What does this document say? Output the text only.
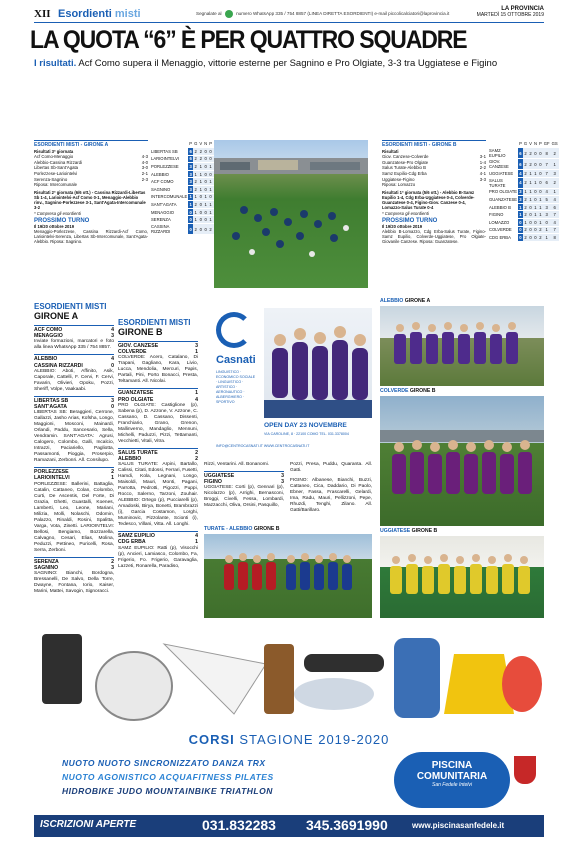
XII Esordienti misti	Segnalate al	numero WhatsApp 335 / 754 8857 (LINEA DIRETTA ESORDIENTI) e-mail piccolicalciatori@laprovincia.it
LA PROVINCIA
MARTEDÌ 15 OTTOBRE 2019
LA QUOTA “6” È PER QUATTRO SQUADRE
I risultati. Acf Como supera il Menaggio, vittorie esterne per Sagnino e Pro Olgiate, 3-3 tra Uggiatese e Figino
ESORDIENTI MISTI - GIRONE A
Risultati 3ª giornata
Acf Como-Menaggio	4-3
Alebbio-Cassina Rizzardi	4-0
Libertas Sb-Sant'Agata	3-0
Porlezzese-Lariointelvi	2-1
Serenza-Sagnino	2-3
Riposa: Intercomunale
Risultati 2ª giornata (6/6 ott.) - Cassina Rizzardi-Libertas Sb 1-4, Lariointelvi-Acf Como 0-1, Menaggio-Alebbio rinv., Sagnino-Porlezzese 3-1, Sant'Agata-Intercomunale 3-2
* Compresa gli esordienti
PROSSIMO TURNO
Il 19/20 ottobre 2019
Menaggio-Porlezzese, Cassina Rizzardi-Acf Como, Lariointelvi-Serenza, Libertas Sb-Intercomunale, Sant'Agata-Alebbio. Riposa: Sagnino.
	P	G	V	N	P		
LIBERTAS SB	6	2	2	0	0		
LARIOINTELVI	6	2	2	0	0		
PORLEZZESE	3	2	1	0	1		
ALEBBIO	3	1	1	0	0		
ACF COMO	3	2	1	0	1		
SAGNINO	3	2	1	0	1		
INTERCOMUNALE	1	1	0	1	0		
SANT'AGATA	1	2	0	1	1		
MENAGGIO	0	1	0	0	1		
SERENZA	0	1	0	0	1		
CASSINA RIZZARDI	0	2	0	0	2		
ESORDIENTI MISTI - GIRONE B
Risultati
Giov. Canzese-Colverde	3-1
Guanzatese-Pro Olgiate	1-4
Salus Turate-Alebbio B	2-2
Samz Eupilio-Cdg Erba	4-1
Uggiatese-Figino	3-3
Riposa: Lomazzo
Risultati 1ª giornata (5/6 ott.) - Alebbio B-Samz Eupilio 1-4, Cdg Erba-Uggiatese 0-4, Colverde-Guanzatese 0-4, Figino-Giov. Canzese 0-4, Lomazzo-Salus Turate 0-4
* Compreso gli esordienti
PROSSIMO TURNO
Il 19/20 ottobre 2019
Alebbio B-Lomazzo, Cdg Erba-Salus Turate, Figino-Samz Eupilio, Colverde-Uggiatese, Pro Olgiate-Giovanile Canzese. Riposa: Guanzatese.
	P	G	V	N	P	GF	GS
SAMZ EUPILIO	6	2	2	0	0	8	2
GIOV. CANZESE	6	2	2	0	0	7	1
UGGIATESE	4	2	1	1	0	7	3
SALUS TURATE	4	2	1	1	0	6	2
PRO OLGIATE	3	1	1	0	0	4	1
GUANZATESE	3	2	1	0	1	5	4
ALEBBIO B	1	2	0	1	1	3	6
FIGINO	1	2	0	1	1	3	7
LOMAZZO	0	1	0	0	1	0	4
COLVERDE	0	2	0	0	2	1	7
CDG ERBA	0	2	0	0	2	1	8
ESORDIENTI MISTI
GIRONE A
ACF COMO	4
MENAGGIO	3
Inviate formazioni, marcatori e foto alla linea WhatsApp 335 / 754 8857.
ALEBBIO	4
CASSINA RIZZARDI	0
ALEBBIO: Aboti, Affinito, Asik, Caporale, Cattelli, F. Cervi, F. Cervi, Favarin, Olivieri, Opoku, Pozzi, Sheriff, Volpe, Vaakaabi.
LIBERTAS SB	3
SANT'AGATA	0
LIBERTAS SB: Beraggieri, Cerrone, Gallazzi, Jasho Arias, Kofsha, Longo, Maggioni, Mosconi, Mainardi, Orlandi, Paddu, Sancesario, Sella, Vendramin. SANT'AGATA: Agrusi, Calogero, Colombo, Galli, Incalcio, Intrazzi, Paciariello, Pagliotta, Passamonti, Pioggia, Proserpio, Ramazani, Zerbonri. All. Consilupo.
PORLEZZESE	2
LARIOINTELVI	1
PORLEZZESE: Ballerini, Battaglia, Catalin, Cattaneo, Colan, Colombo, Curti, De Ascentis, Del Forte, Di Grazia, Ghetti, Guastalli, Koenes, Lamberti, Leo, Leone, Mariani, Milizia, Molli, Nolaschi, Odomin, Palazzo, Rinaldi, Rosini, Spalitta, Varga, Vota, Zinetti. LARIOINTELVI: Bellosi, Bengiamo, Bozzarella, Calvagno, Cesari, Elias, Molina, Peduzzi, Pettineo, Puricelli, Rosa, Serra, Zerboni.
SERENZA	2
SAGNINO	3
SAGNINO: Bianchi, Bordogna, Bressanelli, De Salvo, Della Torre, Dwayne, Fontana, Iorio, Kaiser, Marini, Mattei, Savogin, Signoracci.
ESORDIENTI MISTI
GIRONE B
GIOV. CANZESE	3
COLVERDE	1
COLVERDE: Acero, Catalano, Di Trapani, Gagliano, Kara, Livio, Lucca, Mendolia, Mercuri, Papis, Partali, Pini, Porto Bonacci, Presta, Teltamanti. All. Nicolai.
GUANZATESE	1
PRO OLGIATE	4
PRO OLGIATE: Castiglione (p), Sabena (p), D. Azzone, V. Azzone, C. Cassano, D. Cassano, Dissenti, Franchiario, Grano, Grenon, Mallinverno, Mandaglio, Mennuni, Michelli, Paduzzi, Pizzi, Tettamanti, Vecchietti, Vitali, Vitra.
SALUS TURATE	2
ALEBBIO	2
SALUS TURATE: Arpini, Bartallo, Calissi, Citati, Edossi, Ferrari, Fusetti, Hamdi, Kola, Legnani, Longo, Maisoldi, Mauri, Monti, Pagani, Parrotta, Pedrotti, Pigozzi, Puppi, Rocco, Salerno, Tarzoni, Zouhair. ALEBBIO: Ortego (p), Pucciarelli (p), Amadoski, Birya, Bonetti, Brambrazzi (i), Garcia Costamon, Lorghi, Muminovic, Pizzolante, Scionti (i), Tedesco, Villani, Vitta. All. Longhi.
SAMZ EUPILIO	4
CDG ERBA	1
SAMZ EUPILIO: Ratti (p), Visocchi (p), Ancieri, Lamiasco, Colombo, Fa, Frigerio, Fo. Frigerio, Garavaglia, Lazzeti, Ronarella, Paradiso,
Casnati
LINGUISTICO · ECONOMICO SOCIALE · LINGUISTICO · ARTISTICO · AERONAUTICO · ALBERGHIERO · SPORTIVO
OPEN DAY 23 NOVEMBRE
VIA CAROLINE, 8 · 22100 COMO TEL. 031.3378004
INFO@CENTROCASNATI.IT WWW.CENTROCASNATI.IT
Rizzi, Ventarini. All. Bonanomi.
UGGIATESE	3
FIGINO	3
UGGIATESE: Corti (p), Gennari (p), Nicolazzo (p), Arrighi, Bernasconi, Broggi, Civelli, Fessa, Lombardi, Mazzacchi, Oliva, Orsini, Pasquillo,
Pozzi, Presa, Puddu, Quaranta. All. Gatti.
FIGINO: Albanese, Bianchi, Buzzi, Cattaneo, Cica, Daddario, Di Paolo, Ebner, Fassa, Frascarelli, Gelardi, Ima, Radu, Mauri, Pellizzoni, Pepe, Rhuzdi, Tenghi, Zilano. All. Gatti/Barillaro.
TURATE - ALEBBIO GIRONE B
ALEBBIO GIRONE A
COLVERDE GIRONE B
UGGIATESE GIRONE B
CORSI STAGIONE 2019-2020
NUOTO NUOTO SINCRONIZZATO DANZA TRX
NUOTO AGONISTICO ACQUAFITNESS PILATES
HIDROBIKE JUDO MOUNTAINBIKE TRIATHLON
PISCINA
COMUNITARIA
San Fedele Intelvi
ISCRIZIONI APERTE	031.832283 345.3691990	www.piscinasanfedele.it
